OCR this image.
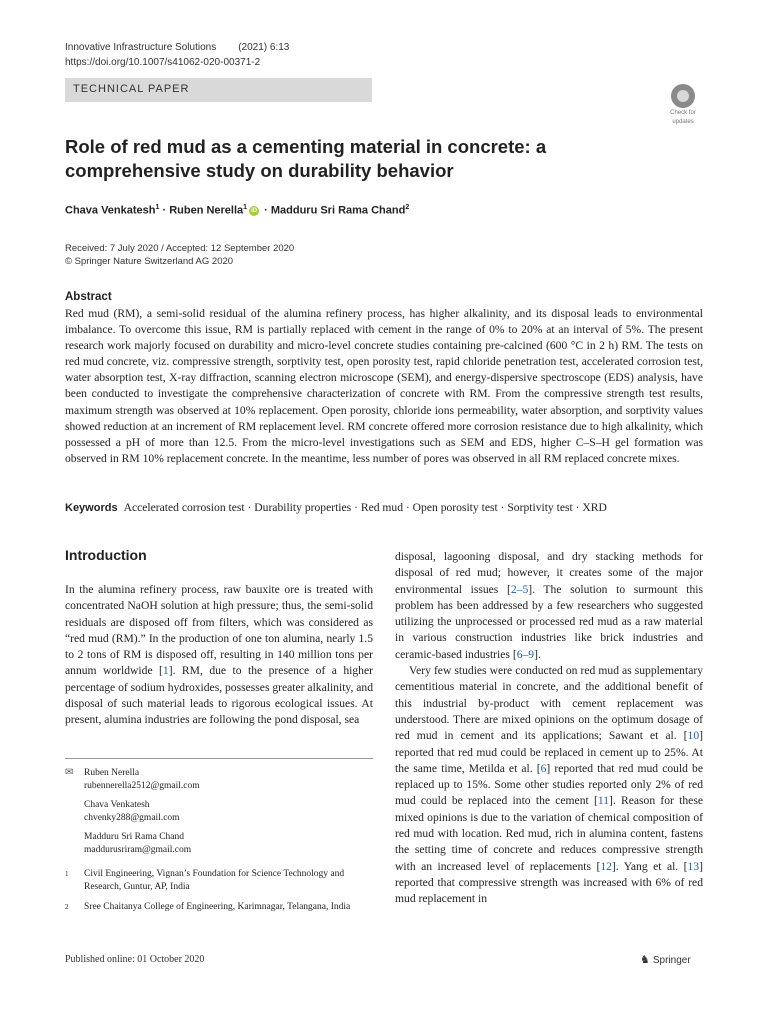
Innovative Infrastructure Solutions (2021) 6:13
https://doi.org/10.1007/s41062-020-00371-2
TECHNICAL PAPER
Check for
updates
Role of red mud as a cementing material in concrete: a comprehensive study on durability behavior
Chava Venkatesh$^1$ · Ruben Nerella$^1$ iD · Madduru Sri Rama Chand$^2$
Received: 7 July 2020 / Accepted: 12 September 2020
© Springer Nature Switzerland AG 2020
Abstract
Red mud (RM), a semi-solid residual of the alumina refinery process, has higher alkalinity, and its disposal leads to environmental imbalance. To overcome this issue, RM is partially replaced with cement in the range of 0% to 20% at an interval of 5%. The present research work majorly focused on durability and micro-level concrete studies containing pre-calcined (600 °C in 2 h) RM. The tests on red mud concrete, viz. compressive strength, sorptivity test, open porosity test, rapid chloride penetration test, accelerated corrosion test, water absorption test, X-ray diffraction, scanning electron microscope (SEM), and energy-dispersive spectroscope (EDS) analysis, have been conducted to investigate the comprehensive characterization of concrete with RM. From the compressive strength test results, maximum strength was observed at 10% replacement. Open porosity, chloride ions permeability, water absorption, and sorptivity values showed reduction at an increment of RM replacement level. RM concrete offered more corrosion resistance due to high alkalinity, which possessed a pH of more than 12.5. From the micro-level investigations such as SEM and EDS, higher C–S–H gel formation was observed in RM 10% replacement concrete. In the meantime, less number of pores was observed in all RM replaced concrete mixes.
Keywords Accelerated corrosion test · Durability properties · Red mud · Open porosity test · Sorptivity test · XRD
Introduction
In the alumina refinery process, raw bauxite ore is treated with concentrated NaOH solution at high pressure; thus, the semi-solid residuals are disposed off from filters, which was considered as “red mud (RM).” In the production of one ton alumina, nearly 1.5 to 2 tons of RM is disposed off, resulting in 140 million tons per annum worldwide [1]. RM, due to the presence of a higher percentage of sodium hydroxides, possesses greater alkalinity, and disposal of such material leads to rigorous ecological issues. At present, alumina industries are following the pond disposal, sea

disposal, lagooning disposal, and dry stacking methods for disposal of red mud; however, it creates some of the major environmental issues [2–5]. The solution to surmount this problem has been addressed by a few researchers who suggested utilizing the unprocessed or processed red mud as a raw material in various construction industries like brick industries and ceramic-based industries [6–9].

Very few studies were conducted on red mud as supplementary cementitious material in concrete, and the additional benefit of this industrial by-product with cement replacement was understood. There are mixed opinions on the optimum dosage of red mud in cement and its applications; Sawant et al. [10] reported that red mud could be replaced in cement up to 25%. At the same time, Metilda et al. [6] reported that red mud could be replaced up to 15%. Some other studies reported only 2% of red mud could be replaced into the cement [11]. Reason for these mixed opinions is due to the variation of chemical composition of red mud with location. Red mud, rich in alumina content, fastens the setting time of concrete and reduces compressive strength with an increased level of replacements [12]. Yang et al. [13] reported that compressive strength was increased with 6% of red mud replacement in

✉ Ruben Nerella
rubennerella2512@gmail.com
Chava Venkatesh
chvenky288@gmail.com
Madduru Sri Rama Chand
maddurusriram@gmail.com
1 Civil Engineering, Vignan’s Foundation for Science Technology and Research, Guntur, AP, India
2 Sree Chaitanya College of Engineering, Karimnagar, Telangana, India
Published online: 01 October 2020	♞ Springer
